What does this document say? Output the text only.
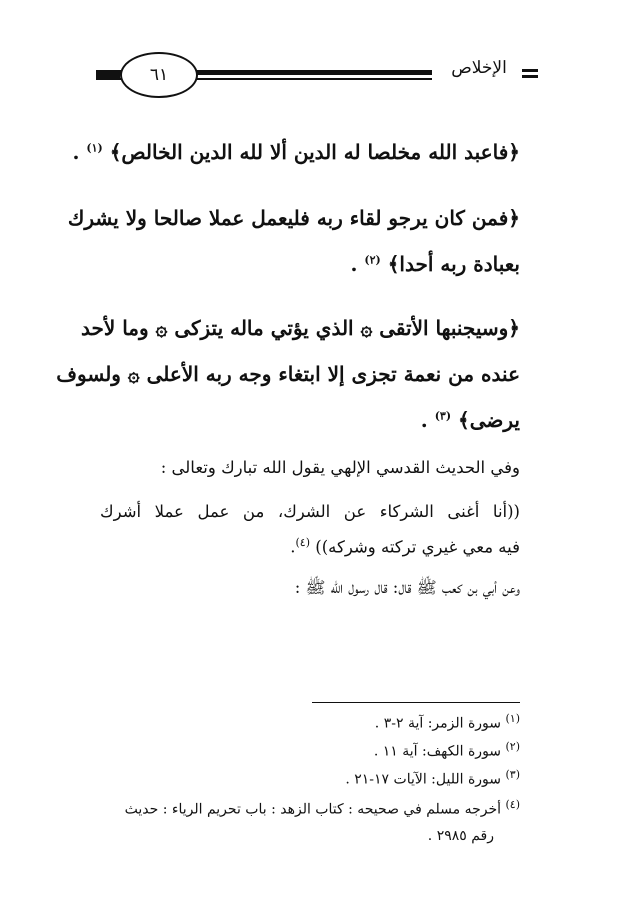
٦١	الإخلاص
﴿فاعبد الله مخلصا له الدين ألا لله الدين الخالص﴾ $^{(١)}$ .
﴿فمن كان يرجو لقاء ربه فليعمل عملا صالحا ولا يشرك
بعبادة ربه أحدا﴾ $^{(٢)}$ .
﴿وسيجنبها الأتقى ۞ الذي يؤتي ماله يتزكى ۞ وما لأحد
عنده من نعمة تجزى إلا ابتغاء وجه ربه الأعلى ۞ ولسوف
يرضى﴾ $^{(٣)}$ .
وفي الحديث القدسي الإلهي يقول الله تبارك وتعالى :
((أنا أغنى الشركاء عن الشرك، من عمل عملا أشرك
فيه معي غيري تركته وشركه)) $^{(٤)}$.
وعن أبي بن كعب ﷺ قال: قال رسول الله ﷺ :
$^{(١)}$ سورة الزمر: آية ٢-٣ .
$^{(٢)}$ سورة الكهف: آية ١١ .
$^{(٣)}$ سورة الليل: الآيات ١٧-٢١ .
$^{(٤)}$ أخرجه مسلم في صحيحه : كتاب الزهد : باب تحريم الرياء : حديث
رقم ٢٩٨٥ .
